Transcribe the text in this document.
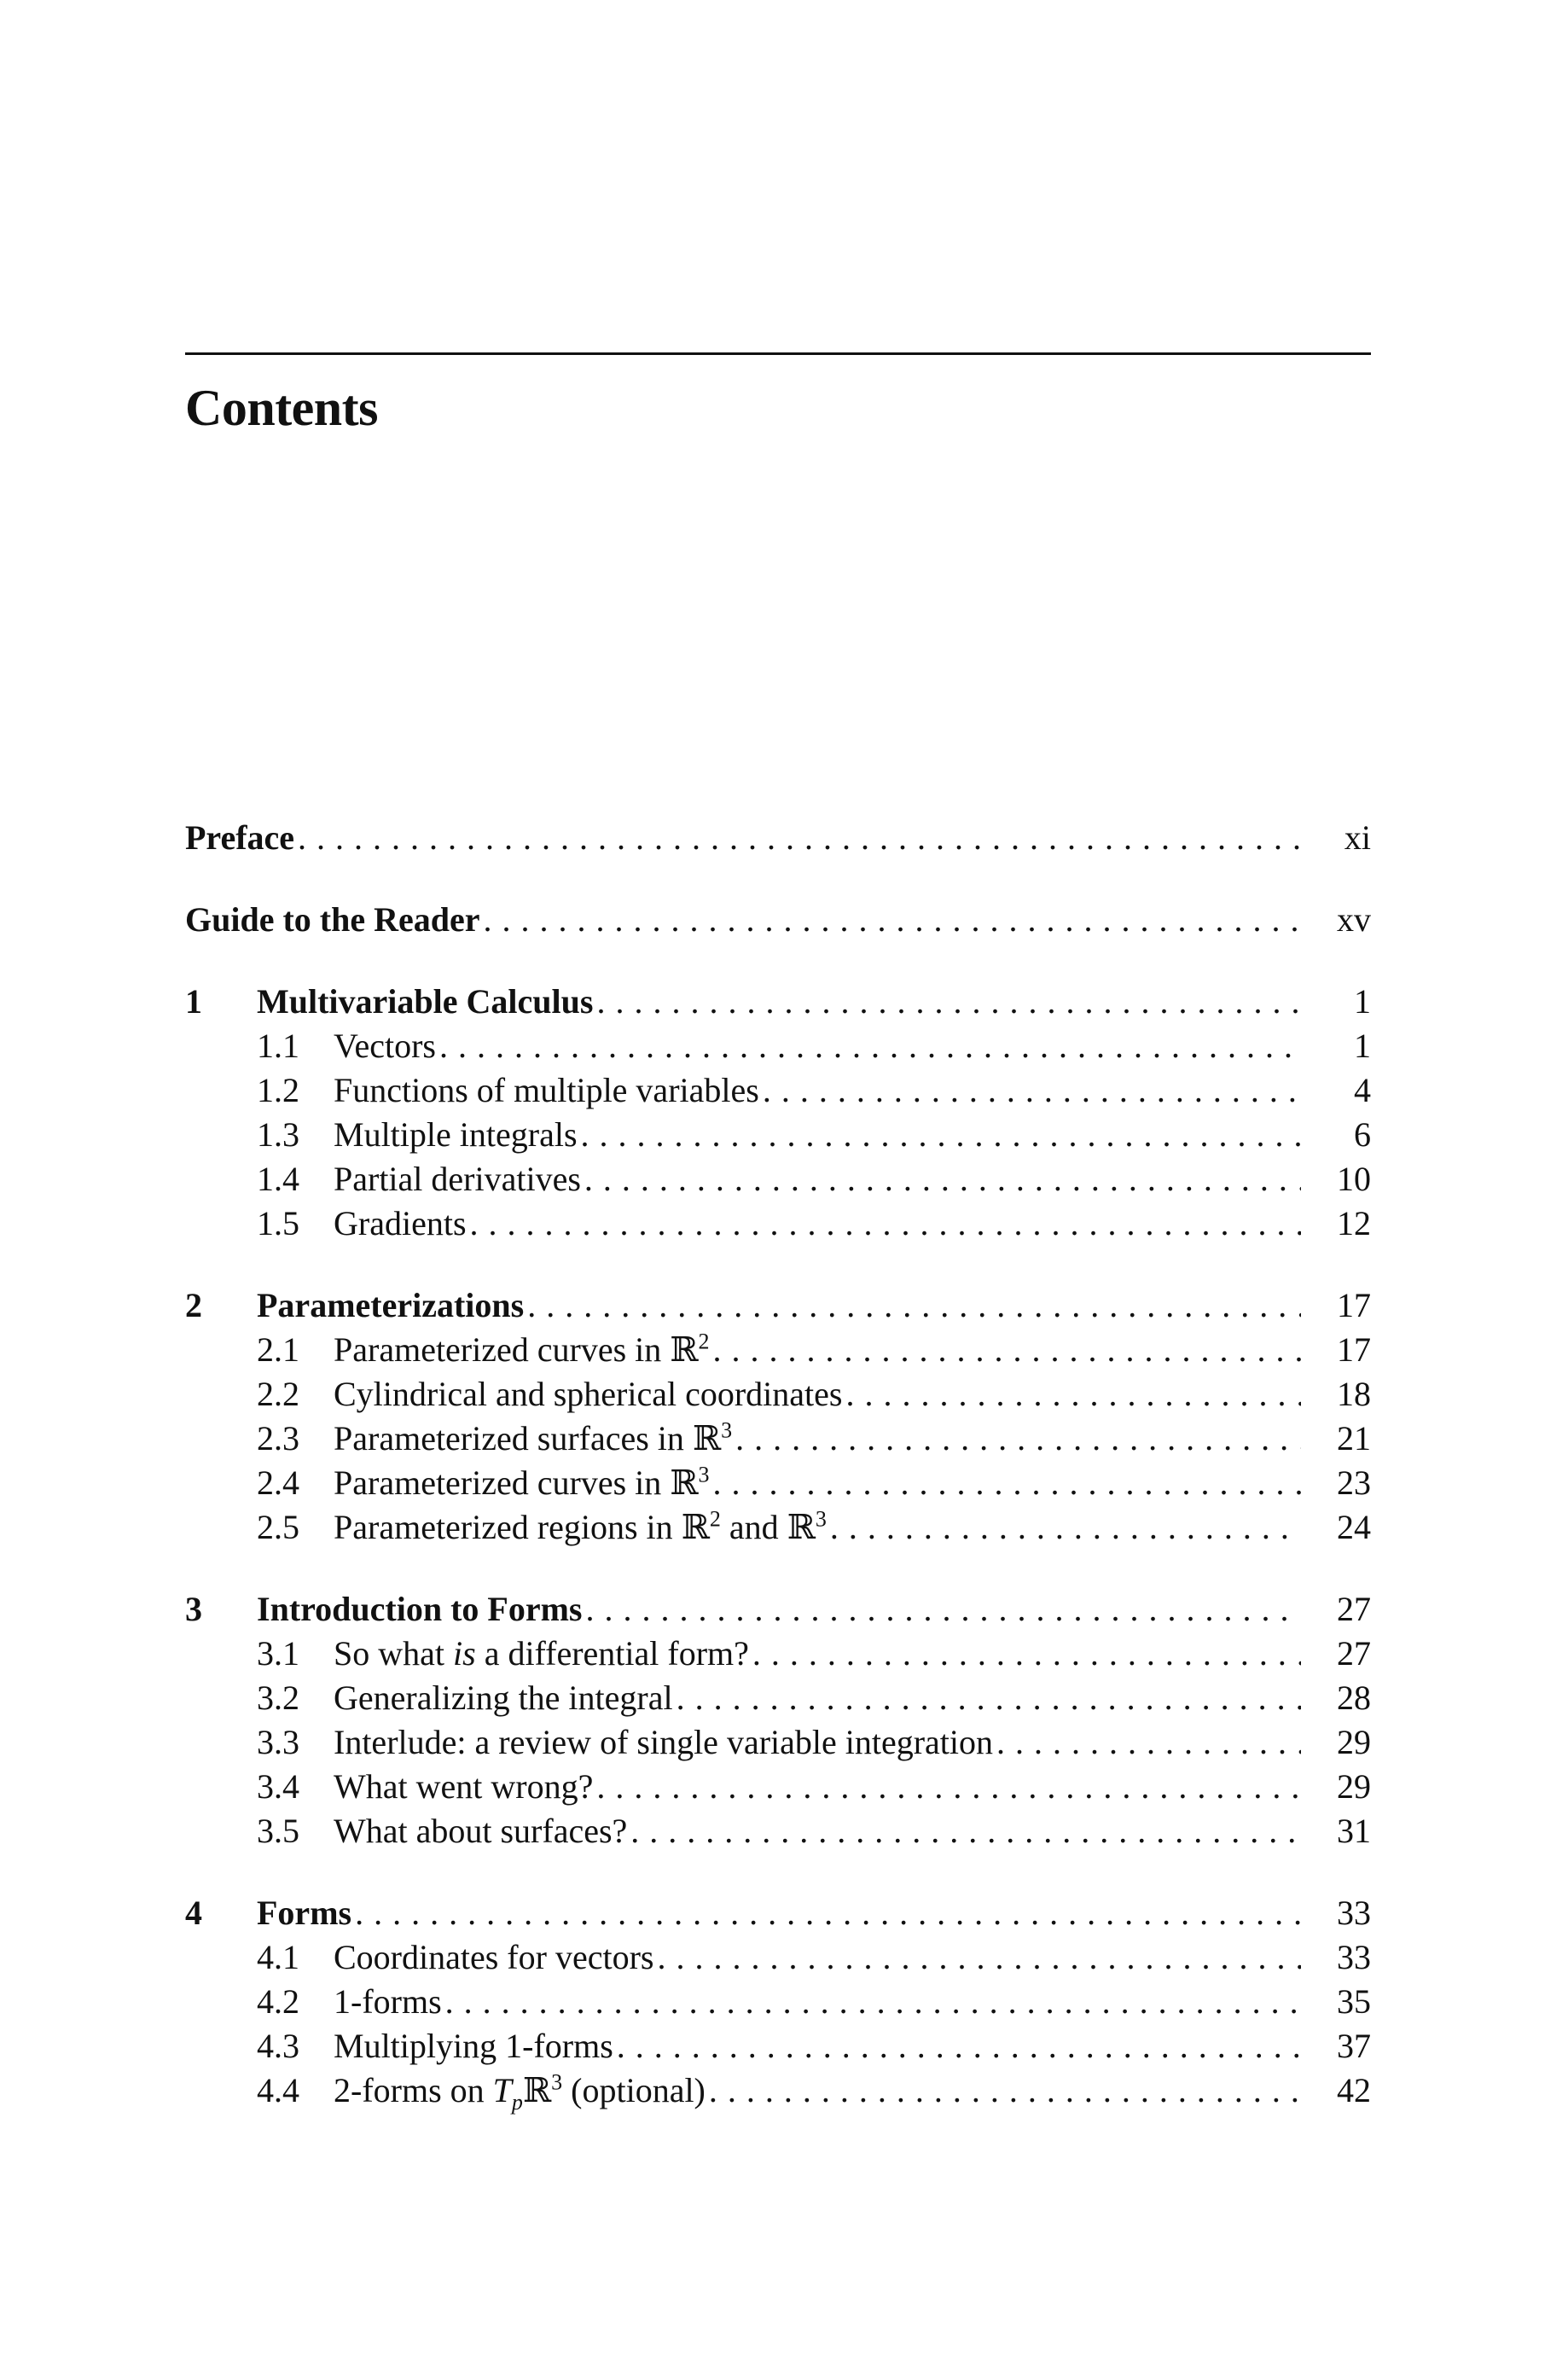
Contents
Preface . . .	xi
Guide to the Reader . . .	xv
1	Multivariable Calculus . . .	1
1.1	Vectors . . .	1
1.2	Functions of multiple variables . . .	4
1.3	Multiple integrals . . .	6
1.4	Partial derivatives . . .	10
1.5	Gradients . . .	12
2	Parameterizations . . .	17
2.1	Parameterized curves in ℝ$^2$ . . .	17
2.2	Cylindrical and spherical coordinates . . .	18
2.3	Parameterized surfaces in ℝ$^3$ . . .	21
2.4	Parameterized curves in ℝ$^3$ . . .	23
2.5	Parameterized regions in ℝ$^2$ and ℝ$^3$ . . .	24
3	Introduction to Forms . . .	27
3.1	So what is a differential form? . . .	27
3.2	Generalizing the integral . . .	28
3.3	Interlude: a review of single variable integration . . .	29
3.4	What went wrong? . . .	29
3.5	What about surfaces? . . .	31
4	Forms . . .	33
4.1	Coordinates for vectors . . .	33
4.2	1-forms . . .	35
4.3	Multiplying 1-forms . . .	37
4.4	2-forms on $T_pℝ^3$ (optional) . . .	42
